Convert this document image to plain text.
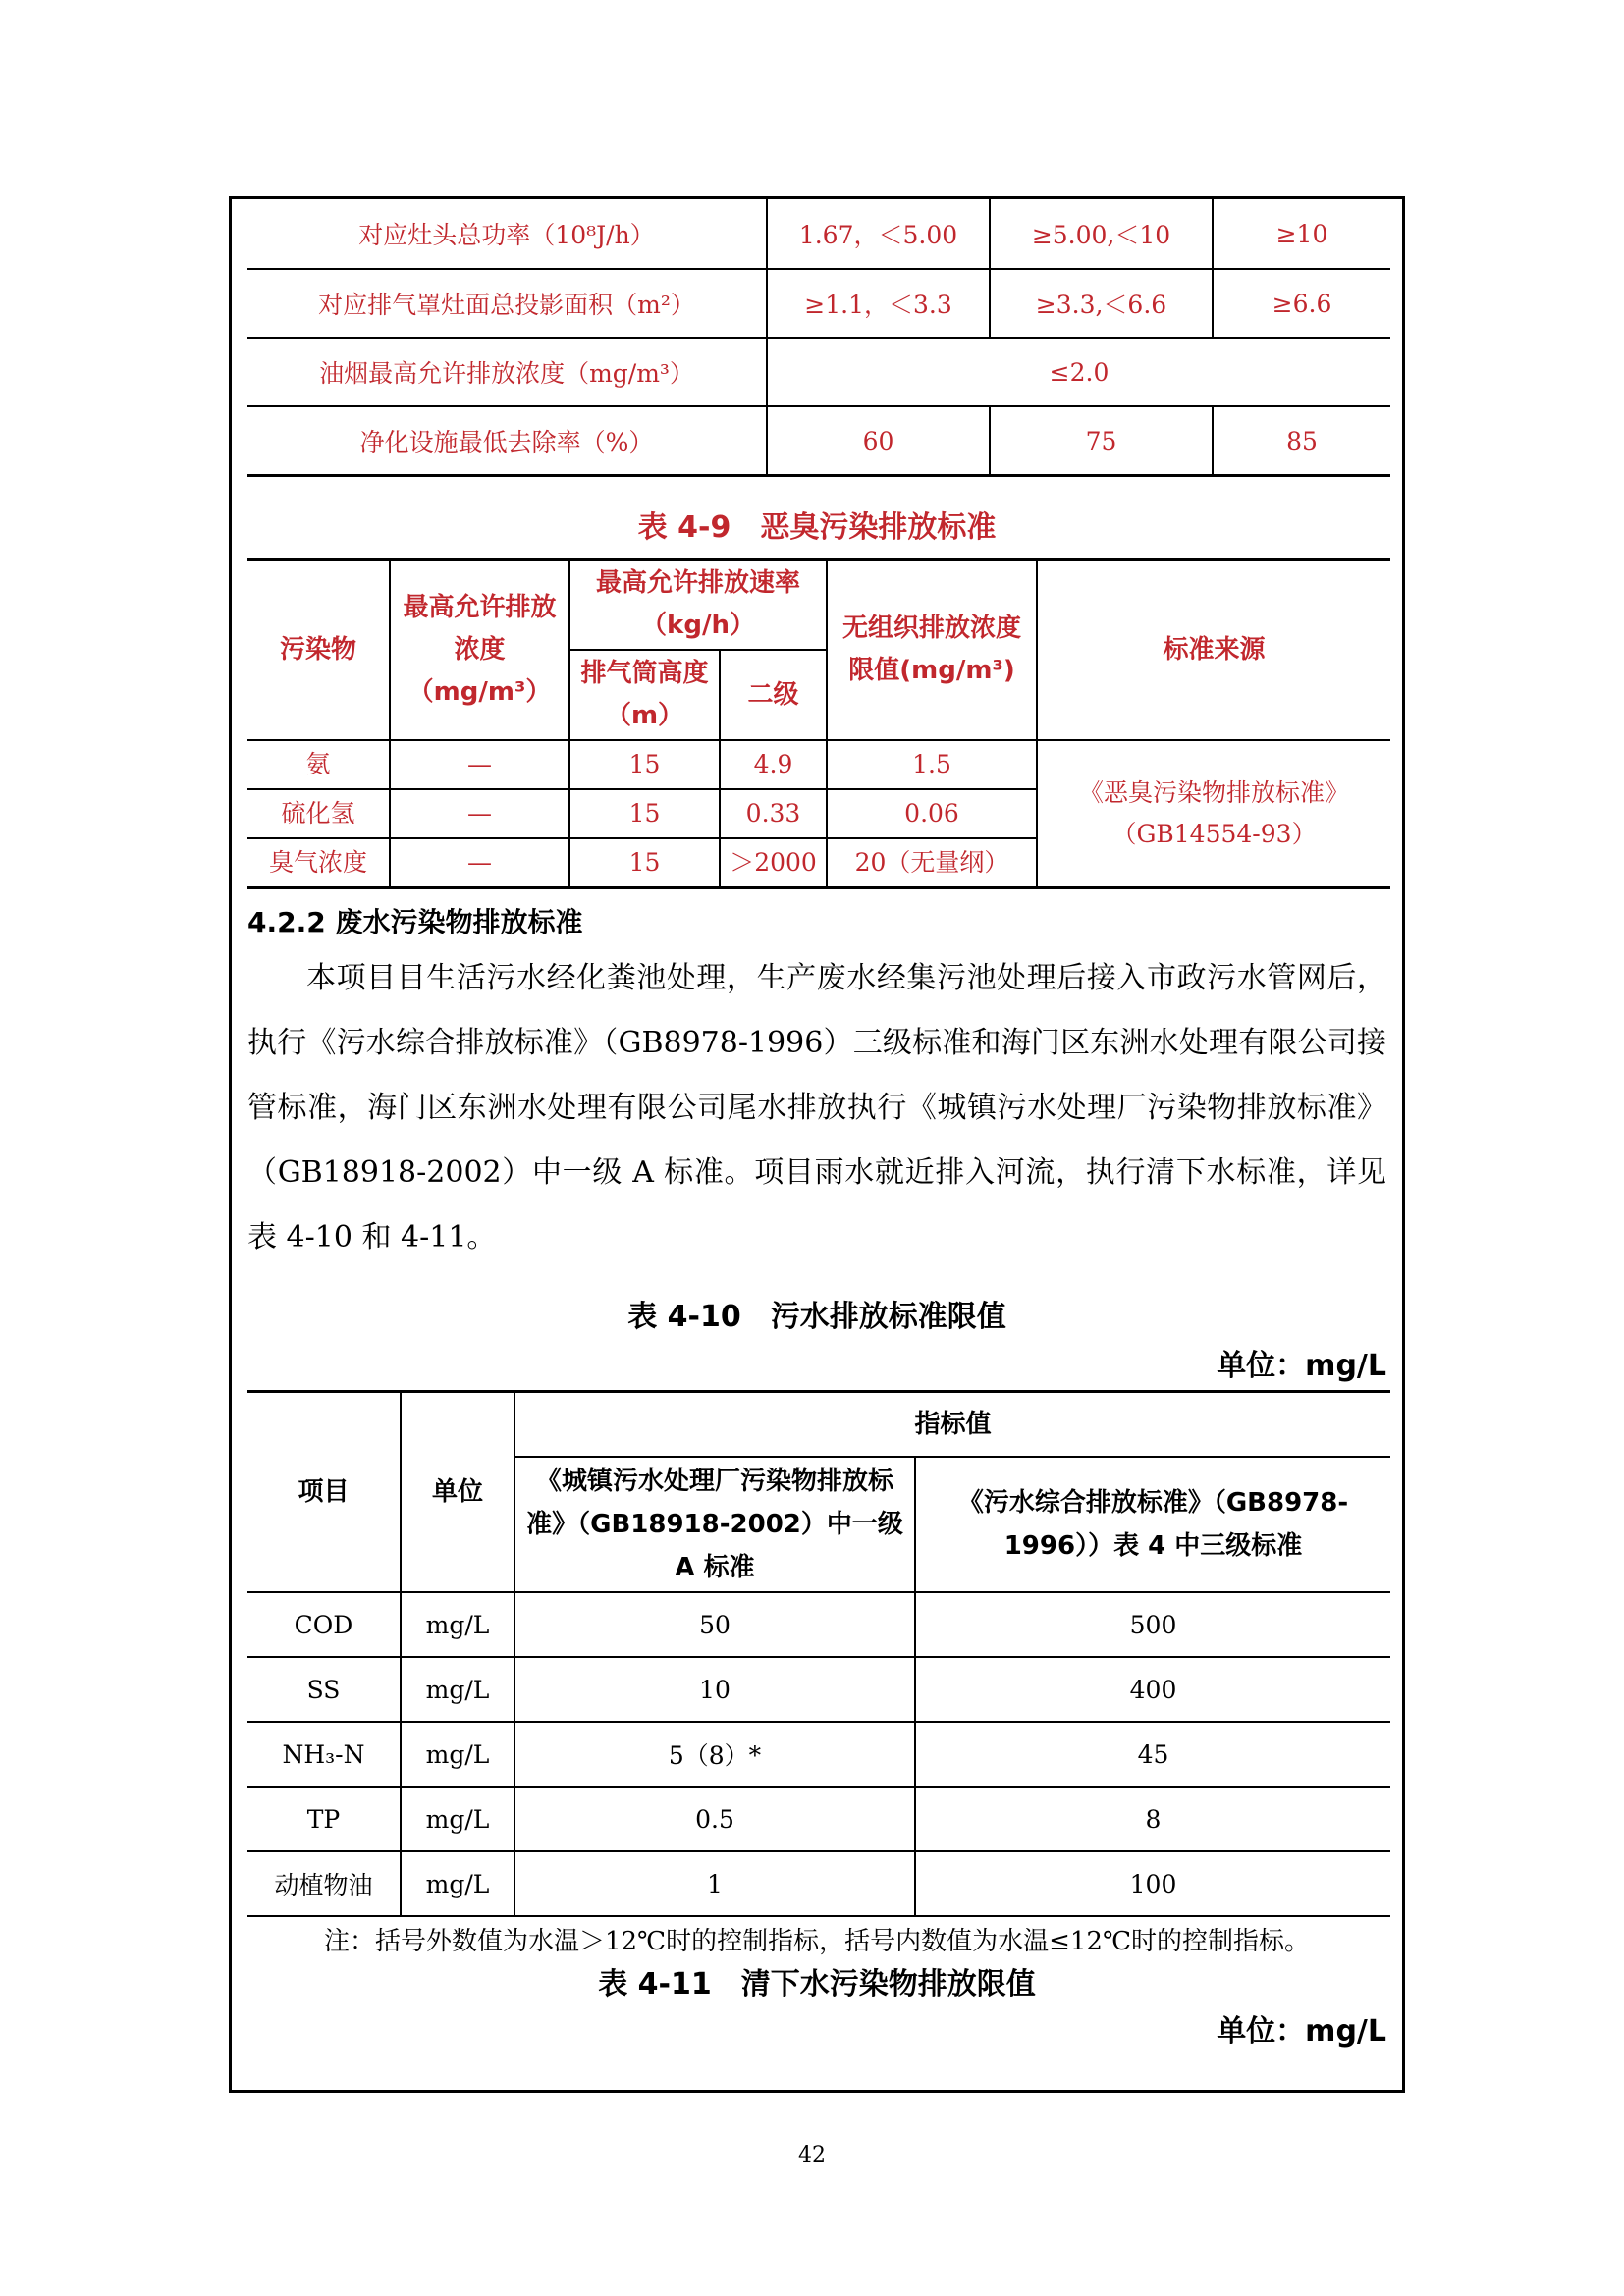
对应灶头总功率（10⁸J/h）	1.67，＜5.00	≥5.00,＜10	≥10
对应排气罩灶面总投影面积（m²）	≥1.1，＜3.3	≥3.3,＜6.6	≥6.6
油烟最高允许排放浓度（mg/m³）	≤2.0		
净化设施最低去除率（%）	60	75	85
表 4-9　恶臭污染排放标准
污染物	最高允许排放浓度（mg/m³）	最高允许排放速率（kg/h）		无组织排放浓度限值(mg/m³)	标准来源
		排气筒高度（m）	二级		
氨	—	15	4.9	1.5	《恶臭污染物排放标准》（GB14554-93）
硫化氢	—	15	0.33	0.06	
臭气浓度	—	15	＞2000	20（无量纲）	

4.2.2 废水污染物排放标准

本项目目生活污水经化粪池处理，生产废水经集污池处理后接入市政污水管网后，执行《污水综合排放标准》（GB8978-1996）三级标准和海门区东洲水处理有限公司接管标准，海门区东洲水处理有限公司尾水排放执行《城镇污水处理厂污染物排放标准》（GB18918-2002）中一级 A 标准。项目雨水就近排入河流，执行清下水标准，详见表 4-10 和 4-11。

表 4-10　污水排放标准限值
单位：mg/L
项目	单位	指标值	
		《城镇污水处理厂污染物排放标准》（GB18918-2002）中一级 A 标准	《污水综合排放标准》（GB8978-1996））表 4 中三级标准
COD	mg/L	50	500
SS	mg/L	10	400
NH₃-N	mg/L	5（8）*	45
TP	mg/L	0.5	8
动植物油	mg/L	1	100

注：括号外数值为水温＞12℃时的控制指标，括号内数值为水温≤12℃时的控制指标。

表 4-11　清下水污染物排放限值
单位：mg/L
42
